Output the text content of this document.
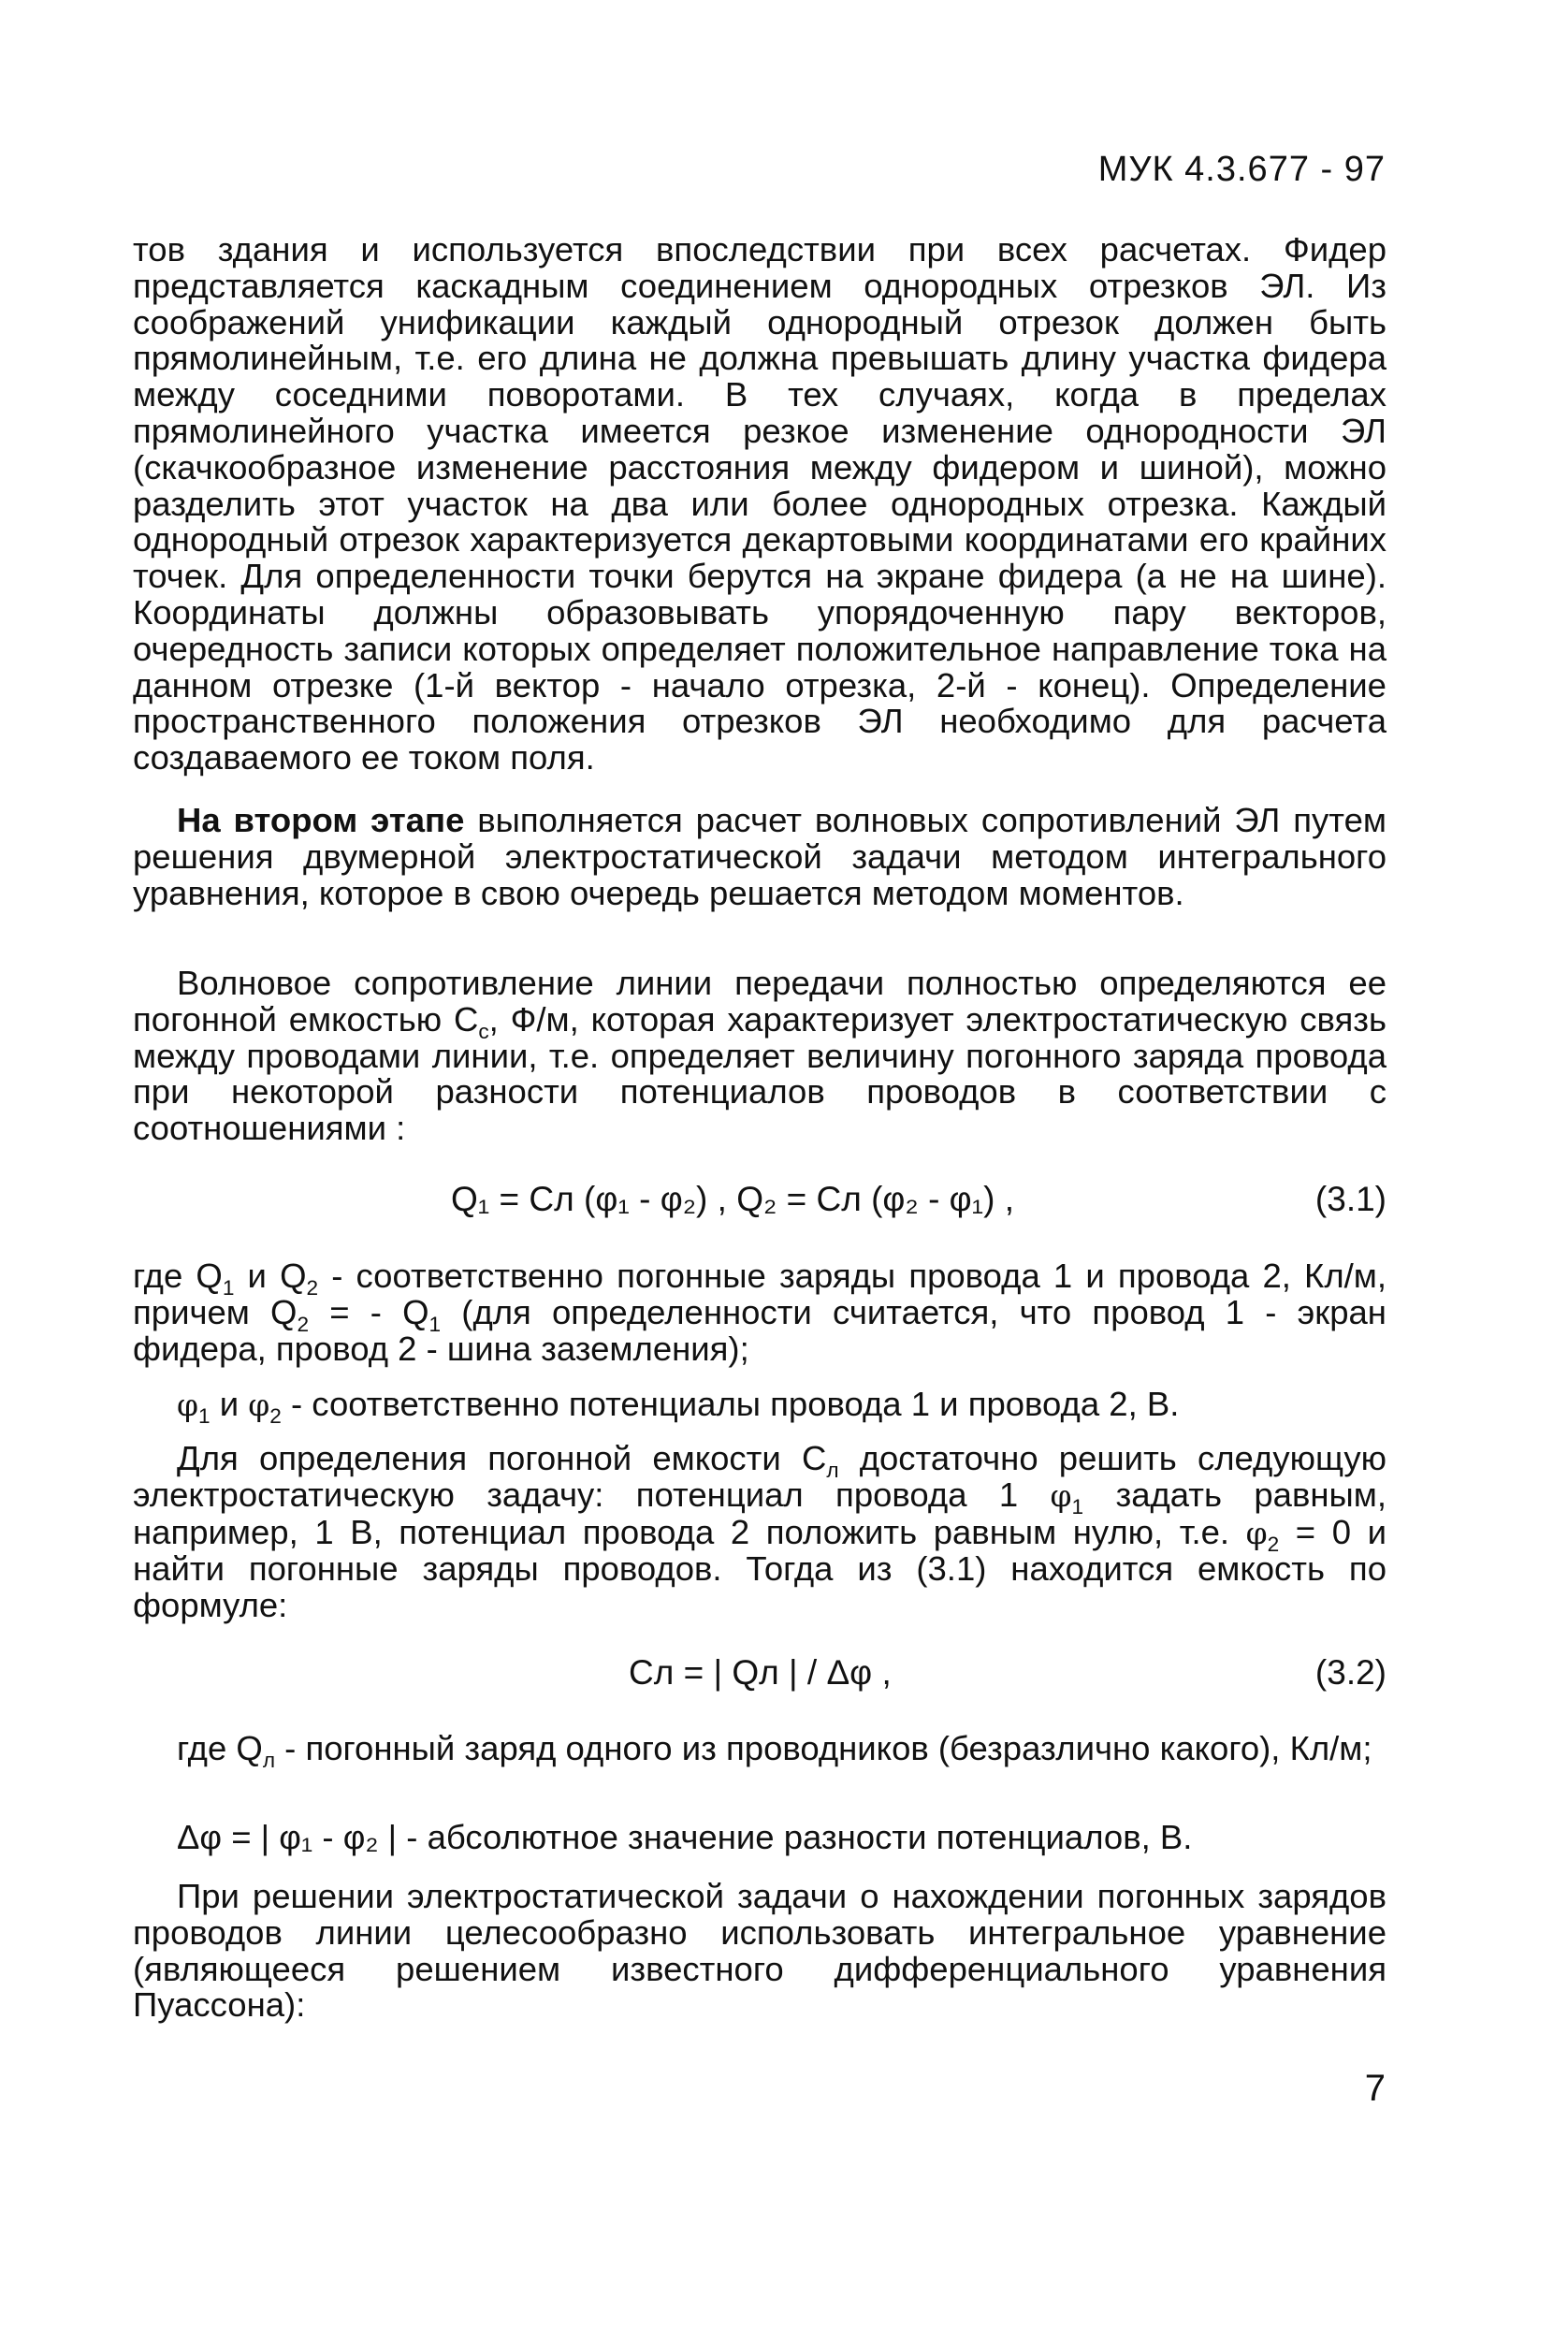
МУК 4.3.677 - 97

тов здания и используется впоследствии при всех расчетах. Фидер представляется каскадным соединением однородных отрезков ЭЛ. Из соображений унификации каждый однородный отрезок должен быть прямолинейным, т.е. его длина не должна превышать длину участка фидера между соседними поворотами. В тех случаях, когда в пределах прямолинейного участка имеется резкое изменение однородности ЭЛ (скачкообразное изменение расстояния между фидером и шиной), можно разделить этот участок на два или более однородных отрезка. Каждый однородный отрезок характеризуется декартовыми координатами его крайних точек. Для определенности точки берутся на экране фидера (а не на шине). Координаты должны образовывать упорядоченную пару векторов, очередность записи которых определяет положительное направление тока на данном отрезке (1-й вектор - начало отрезка, 2-й - конец). Определение пространственного положения отрезков ЭЛ необходимо для расчета создаваемого ее током поля.

На втором этапе выполняется расчет волновых сопротивлений ЭЛ путем решения двумерной электростатической задачи методом интегрального уравнения, которое в свою очередь решается методом моментов.

Волновое сопротивление линии передачи полностью определяются ее погонной емкостью $С_с$, Ф/м, которая характеризует электростатическую связь между проводами линии, т.е. определяет величину погонного заряда провода при некоторой разности потенциалов проводов в соответствии с соотношениями :

Q₁ = Cл (φ₁ - φ₂) , Q₂ = Cл (φ₂ - φ₁) ,	(3.1)

где $Q_1$ и $Q_2$ - соответственно погонные заряды провода 1 и провода 2, Кл/м, причем $Q_2$ = - $Q_1$ (для определенности считается, что провод 1 - экран фидера, провод 2 - шина заземления);

$\varphi_1$ и $\varphi_2$ - соответственно потенциалы провода 1 и провода 2, В.

Для определения погонной емкости $С_л$ достаточно решить следующую электростатическую задачу: потенциал провода 1 $\varphi_1$ задать равным, например, 1 В, потенциал провода 2 положить равным нулю, т.е. $\varphi_2 = 0$ и найти погонные заряды проводов. Тогда из (3.1) находится емкость по формуле:

Cл = | Qл | / Δφ ,	(3.2)

где $Q_л$ - погонный заряд одного из проводников (безразлично какого), Кл/м;

Δφ = | φ₁ - φ₂ | - абсолютное значение разности потенциалов, В.

При решении электростатической задачи о нахождении погонных зарядов проводов линии целесообразно использовать интегральное уравнение (являющееся решением известного дифференциального уравнения Пуассона):

7
